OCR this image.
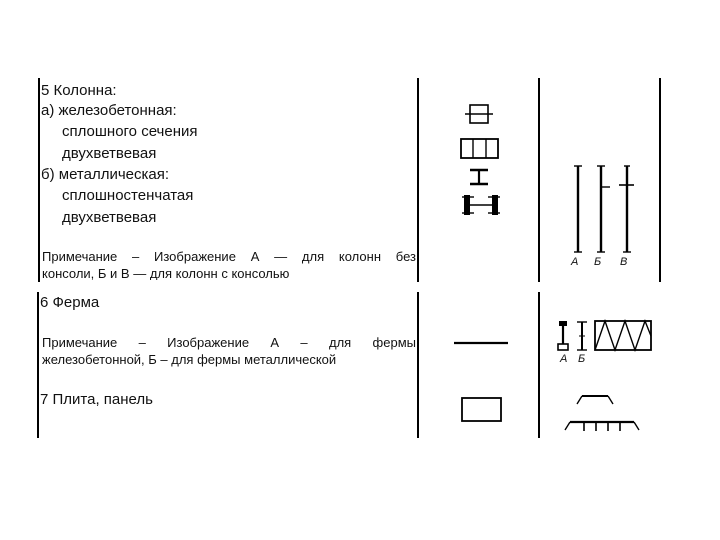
5 Колонна:
а) железобетонная:
сплошного сечения
двухветвевая
б) металлическая:
сплошностенчатая
двухветвевая
Примечание – Изображение А — для колонн без
консоли, Б и В — для колонн с консолью
А Б В
6 Ферма
Примечание – Изображение А – для фермы
железобетонной, Б – для фермы металлической	А Б
7 Плита, панель
